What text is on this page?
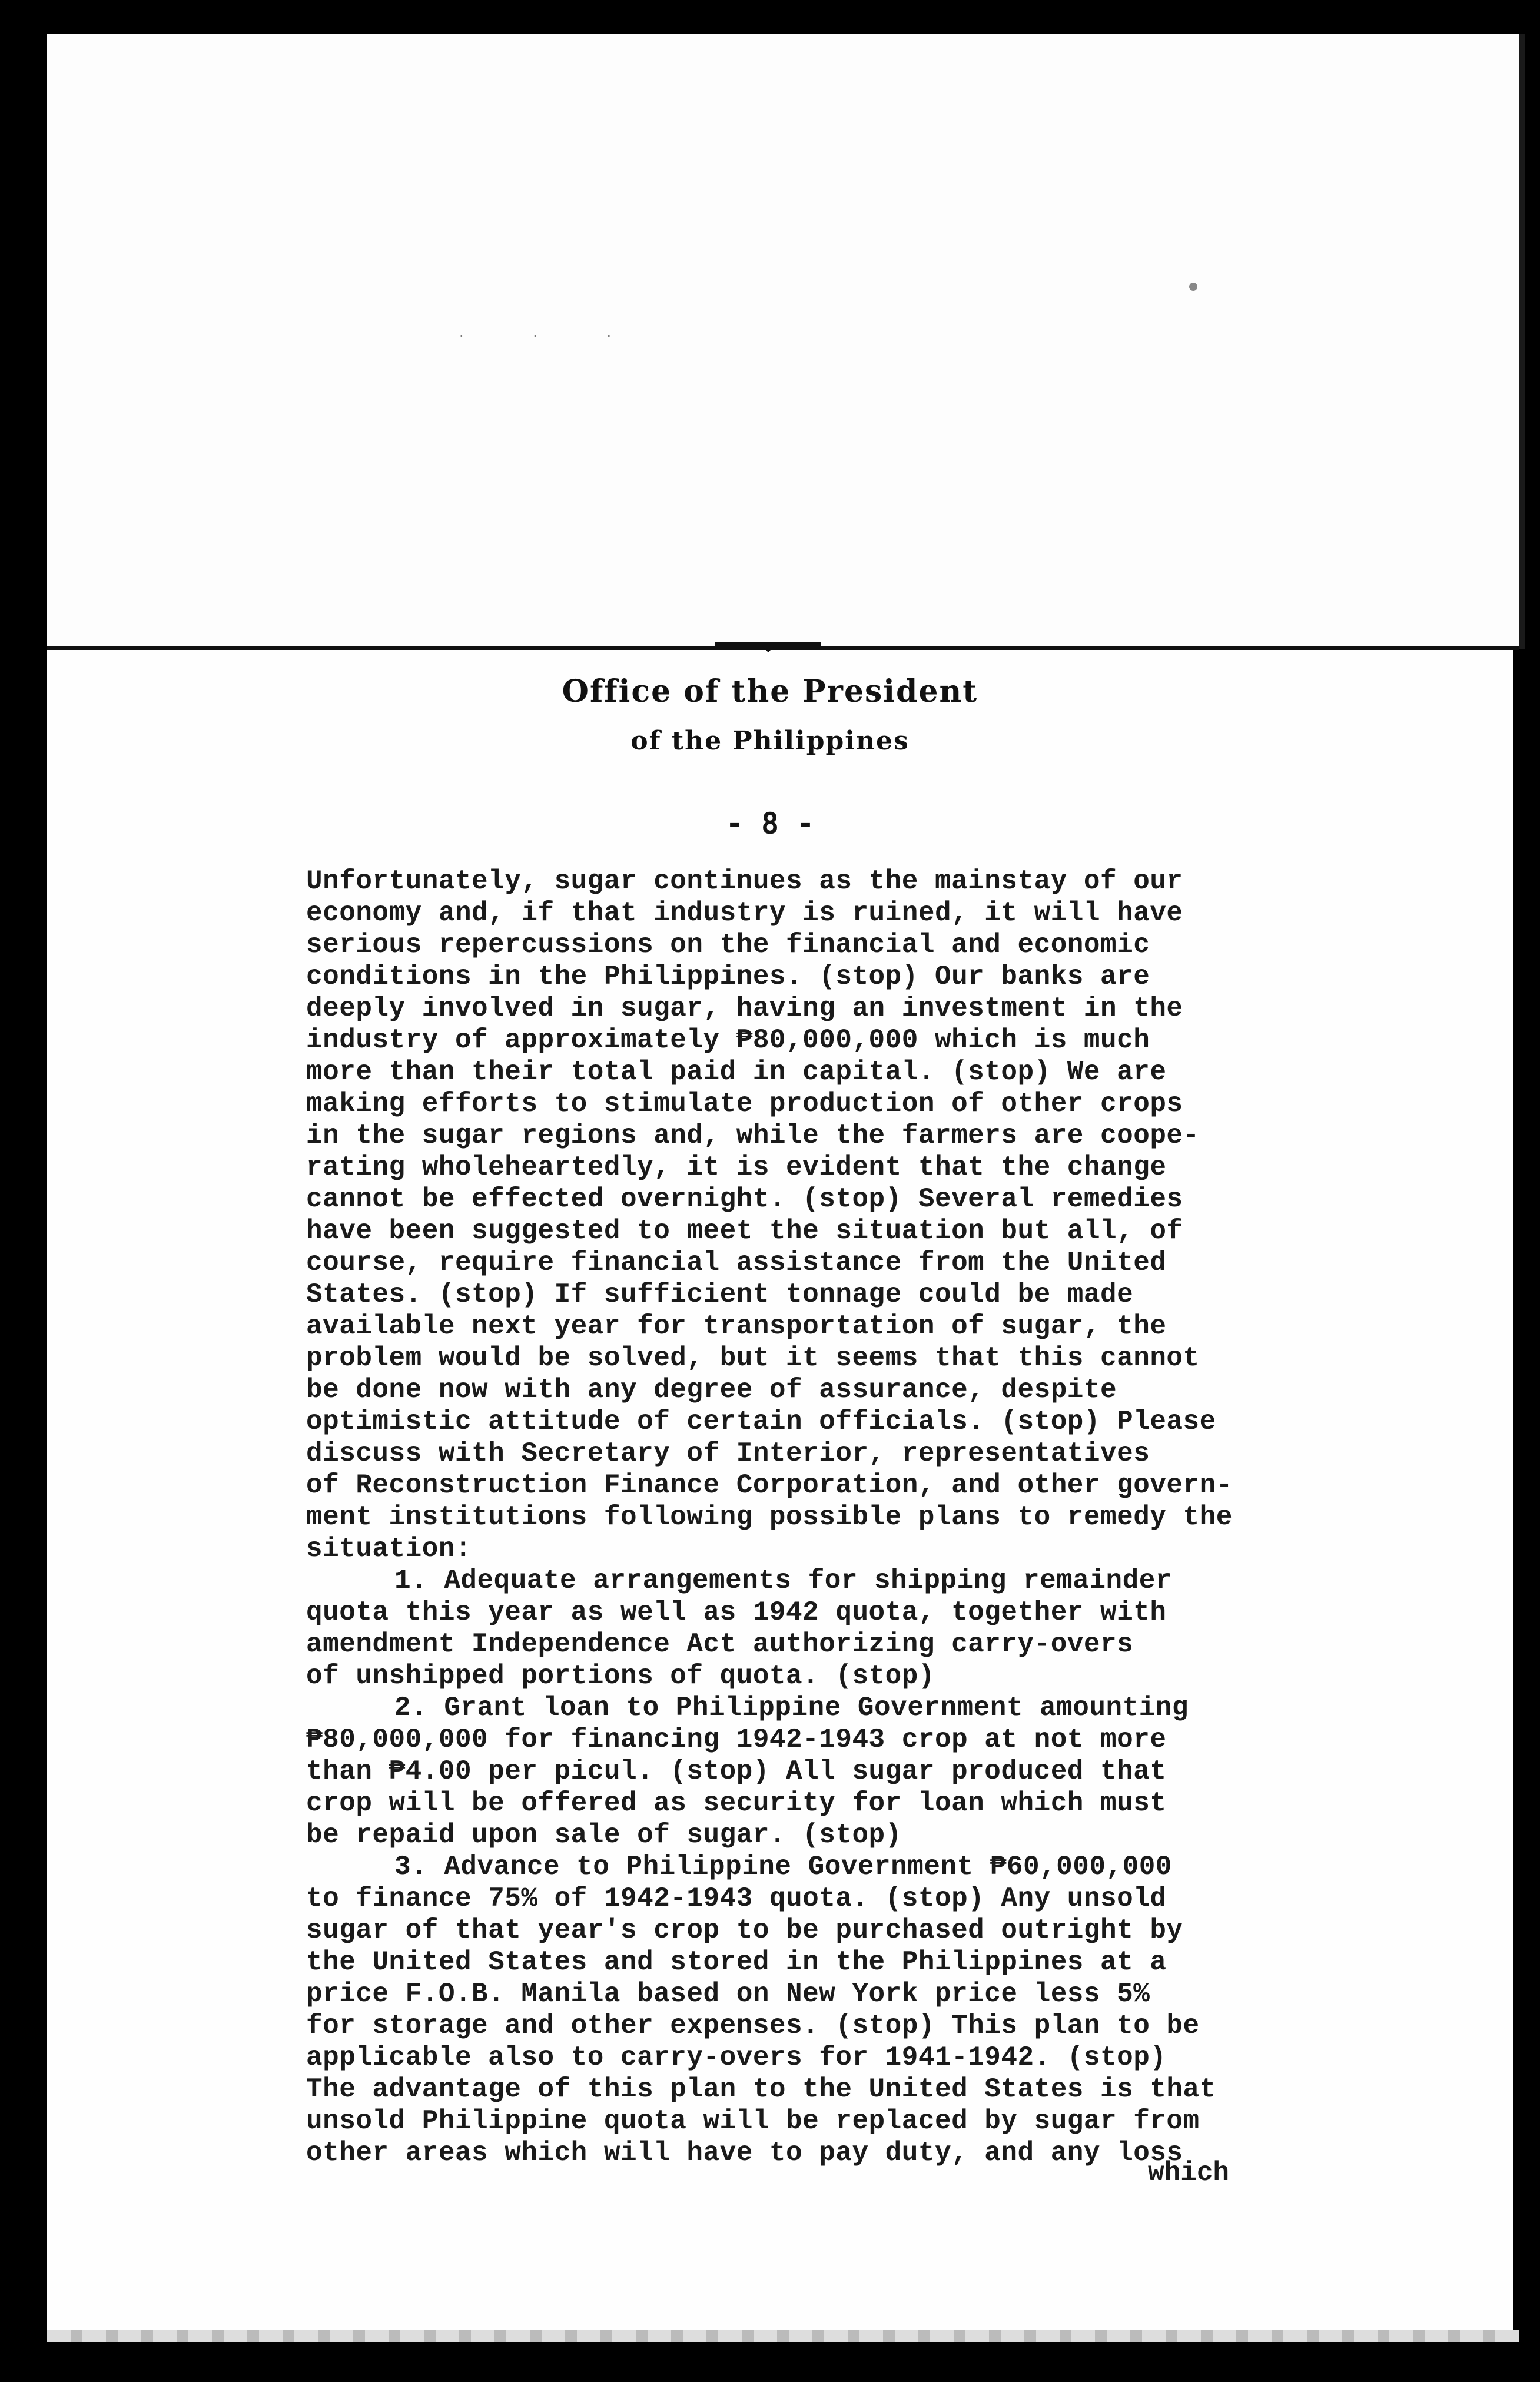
. . .
Office of the President
of the Philippines
- 8 -

Unfortunately, sugar continues as the mainstay of our
economy and, if that industry is ruined, it will have
serious repercussions on the financial and economic
conditions in the Philippines. (stop) Our banks are
deeply involved in sugar, having an investment in the
industry of approximately ₱80,000,000 which is much
more than their total paid in capital. (stop) We are
making efforts to stimulate production of other crops
in the sugar regions and, while the farmers are coope-
rating wholeheartedly, it is evident that the change
cannot be effected overnight. (stop) Several remedies
have been suggested to meet the situation but all, of
course, require financial assistance from the United
States. (stop) If sufficient tonnage could be made
available next year for transportation of sugar, the
problem would be solved, but it seems that this cannot
be done now with any degree of assurance, despite
optimistic attitude of certain officials. (stop) Please
discuss with Secretary of Interior, representatives
of Reconstruction Finance Corporation, and other govern-
ment institutions following possible plans to remedy the
situation:

1. Adequate arrangements for shipping remainder
quota this year as well as 1942 quota, together with
amendment Independence Act authorizing carry-overs
of unshipped portions of quota. (stop)

2. Grant loan to Philippine Government amounting
₱80,000,000 for financing 1942-1943 crop at not more
than ₱4.00 per picul. (stop) All sugar produced that
crop will be offered as security for loan which must
be repaid upon sale of sugar. (stop)

3. Advance to Philippine Government ₱60,000,000
to finance 75% of 1942-1943 quota. (stop) Any unsold
sugar of that year's crop to be purchased outright by
the United States and stored in the Philippines at a
price F.O.B. Manila based on New York price less 5%
for storage and other expenses. (stop) This plan to be
applicable also to carry-overs for 1941-1942. (stop)
The advantage of this plan to the United States is that
unsold Philippine quota will be replaced by sugar from
other areas which will have to pay duty, and any loss

which
